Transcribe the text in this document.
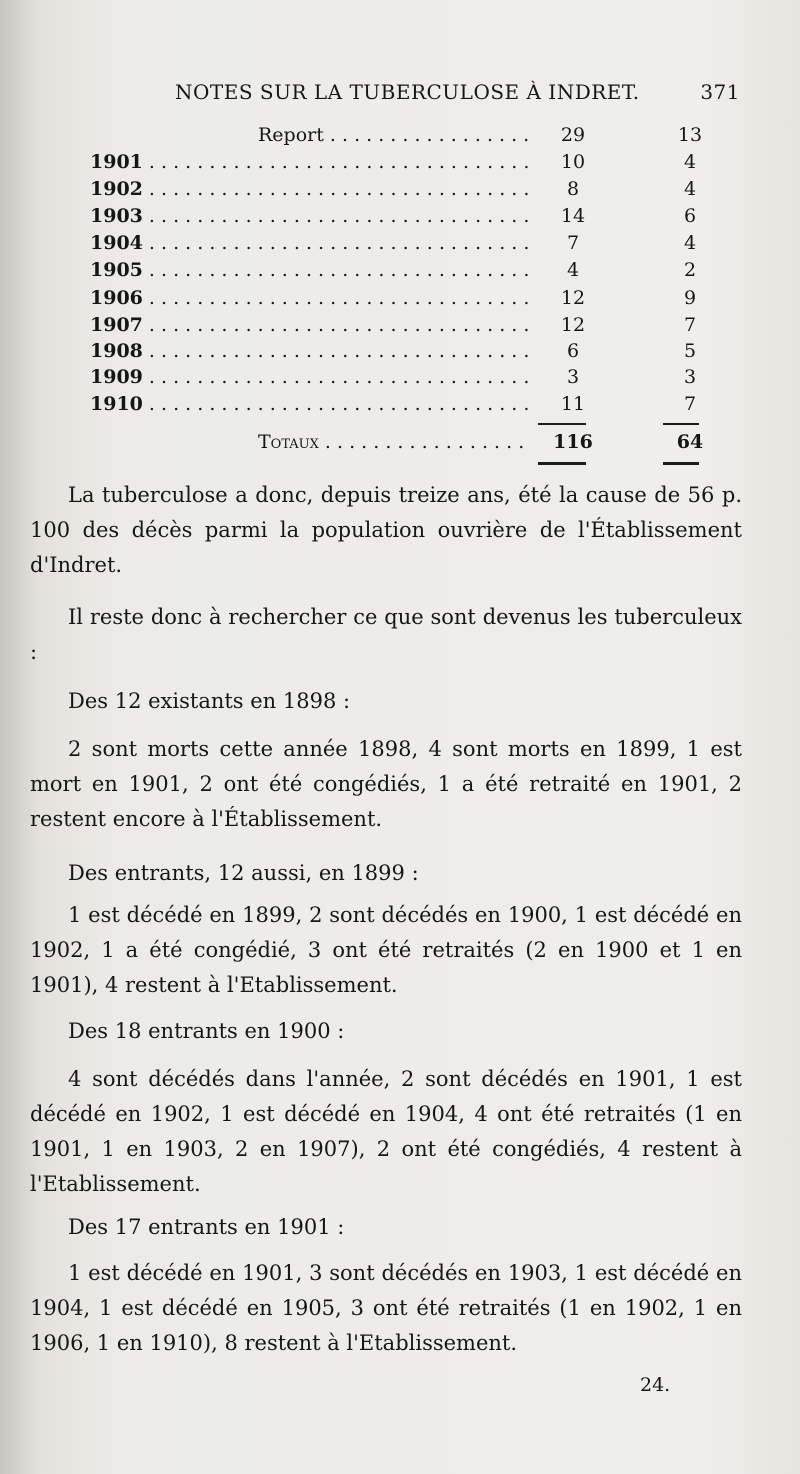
NOTES SUR LA TUBERCULOSE À INDRET.	371
Report . . .	29	13
1901 . . .	10	4
1902 . . .	8	4
1903 . . .	14	6
1904 . . .	7	4
1905 . . .	4	2
1906 . . .	12	9
1907 . . .	12	7
1908 . . .	6	5
1909 . . .	3	3
1910 . . .	11	7
Totaux . . .	116	64

La tuberculose a donc, depuis treize ans, été la cause de 56 p. 100 des décès parmi la population ouvrière de l'Établissement d'Indret.

Il reste donc à rechercher ce que sont devenus les tuberculeux :

Des 12 existants en 1898 :

2 sont morts cette année 1898, 4 sont morts en 1899, 1 est mort en 1901, 2 ont été congédiés, 1 a été retraité en 1901, 2 restent encore à l'Établissement.

Des entrants, 12 aussi, en 1899 :

1 est décédé en 1899, 2 sont décédés en 1900, 1 est décédé en 1902, 1 a été congédié, 3 ont été retraités (2 en 1900 et 1 en 1901), 4 restent à l'Etablissement.

Des 18 entrants en 1900 :

4 sont décédés dans l'année, 2 sont décédés en 1901, 1 est décédé en 1902, 1 est décédé en 1904, 4 ont été retraités (1 en 1901, 1 en 1903, 2 en 1907), 2 ont été congédiés, 4 restent à l'Etablissement.

Des 17 entrants en 1901 :

1 est décédé en 1901, 3 sont décédés en 1903, 1 est décédé en 1904, 1 est décédé en 1905, 3 ont été retraités (1 en 1902, 1 en 1906, 1 en 1910), 8 restent à l'Etablissement.

24.
